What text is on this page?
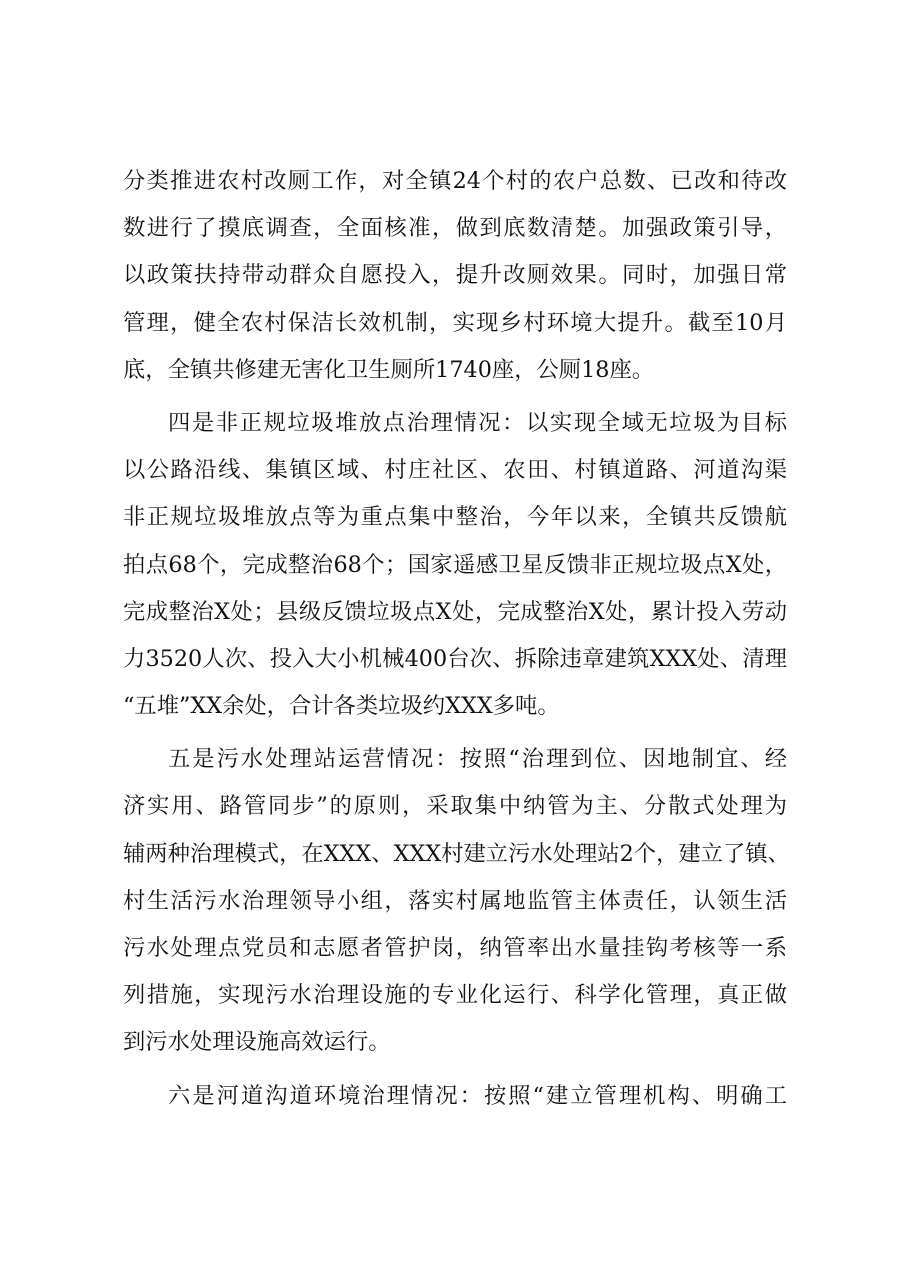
分类推进农村改厕工作，对全镇24个村的农户总数、已改和待改
数进行了摸底调查，全面核准，做到底数清楚。加强政策引导，
以政策扶持带动群众自愿投入，提升改厕效果。同时，加强日常
管理，健全农村保洁长效机制，实现乡村环境大提升。截至10月
底，全镇共修建无害化卫生厕所1740座，公厕18座。

四是非正规垃圾堆放点治理情况：以实现全域无垃圾为目标
以公路沿线、集镇区域、村庄社区、农田、村镇道路、河道沟渠
非正规垃圾堆放点等为重点集中整治，今年以来，全镇共反馈航
拍点68个，完成整治68个；国家遥感卫星反馈非正规垃圾点X处，
完成整治X处；县级反馈垃圾点X处，完成整治X处，累计投入劳动
力3520人次、投入大小机械400台次、拆除违章建筑XXX处、清理
“五堆”XX余处，合计各类垃圾约XXX多吨。

五是污水处理站运营情况：按照“治理到位、因地制宜、经
济实用、路管同步”的原则，采取集中纳管为主、分散式处理为
辅两种治理模式，在XXX、XXX村建立污水处理站2个，建立了镇、
村生活污水治理领导小组，落实村属地监管主体责任，认领生活
污水处理点党员和志愿者管护岗，纳管率出水量挂钩考核等一系
列措施，实现污水治理设施的专业化运行、科学化管理，真正做
到污水处理设施高效运行。

六是河道沟道环境治理情况：按照“建立管理机构、明确工
